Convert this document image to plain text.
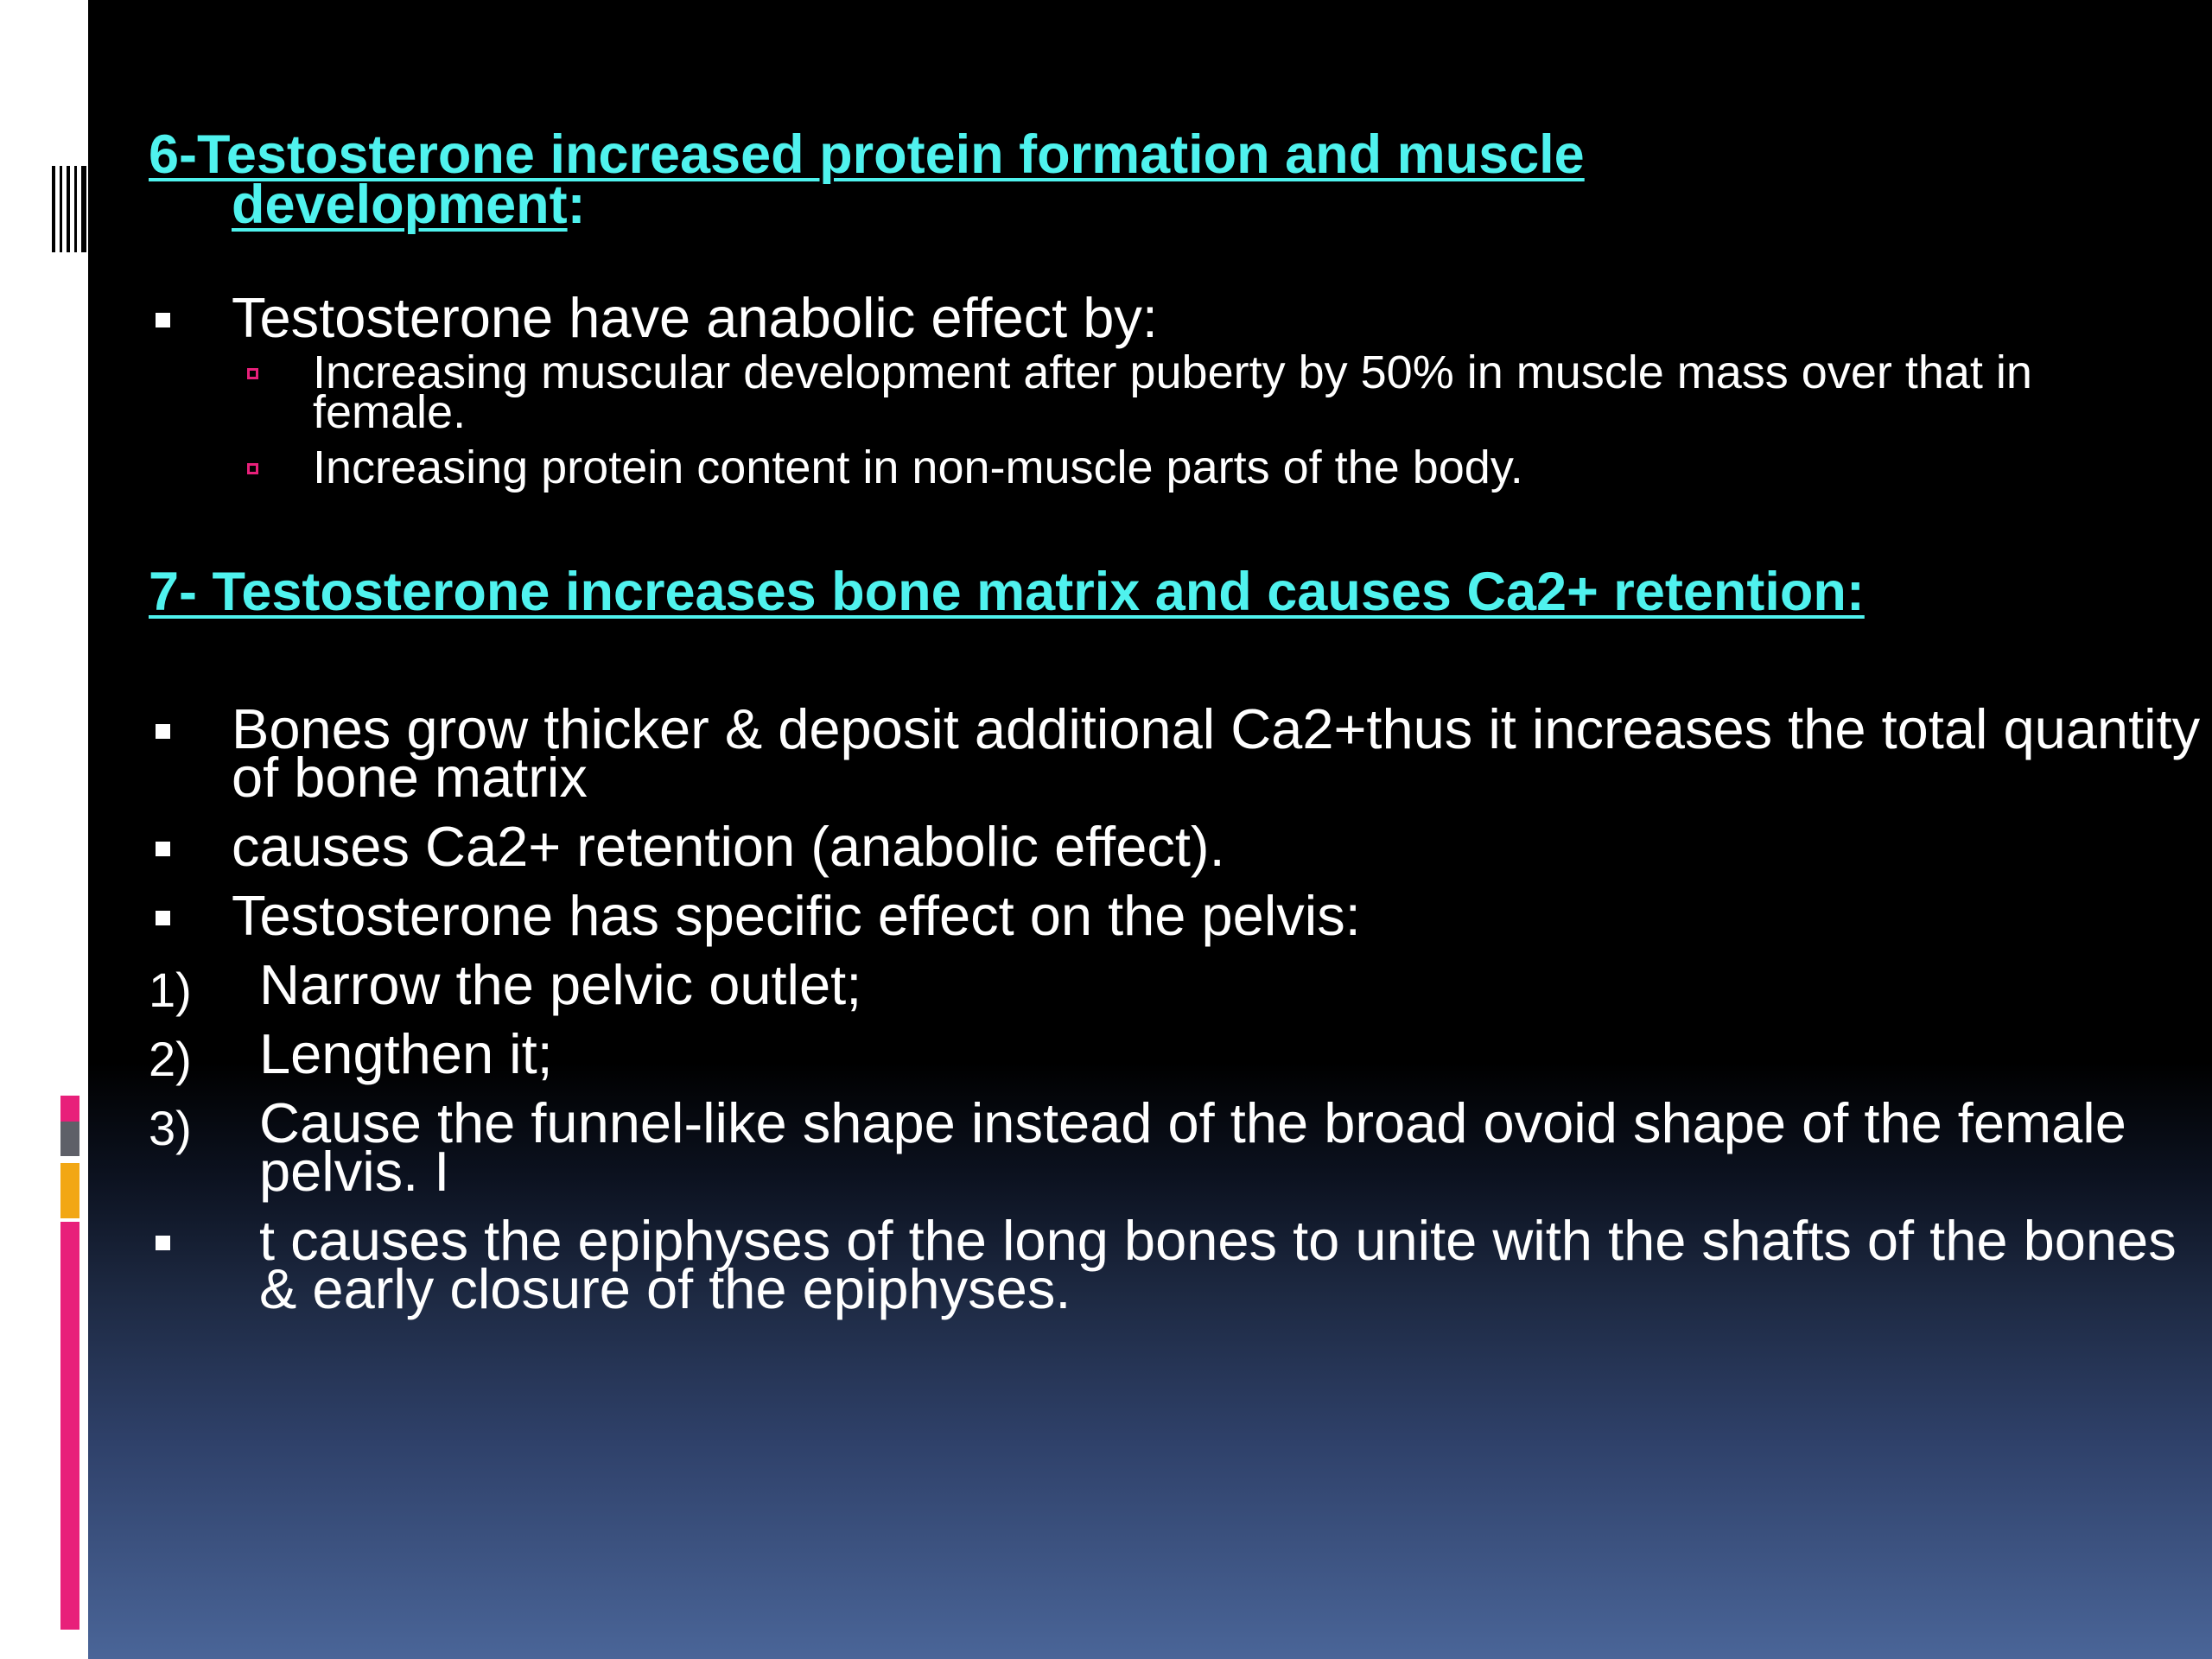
6-Testosterone increased protein formation and muscle
development:
Testosterone have anabolic effect by:
Increasing muscular development after puberty by 50% in muscle mass over that in female.
Increasing protein content in non-muscle parts of the body.
7- Testosterone increases bone matrix and causes Ca2+ retention:
Bones grow thicker & deposit additional Ca2+thus it increases the total quantity of bone matrix
causes Ca2+ retention (anabolic effect).
Testosterone has specific effect on the pelvis:
1) Narrow the pelvic outlet;
2) Lengthen it;
3) Cause the funnel-like shape instead of the broad ovoid shape of the female pelvis. I
t causes the epiphyses of the long bones to unite with the shafts of the bones & early closure of the epiphyses.
